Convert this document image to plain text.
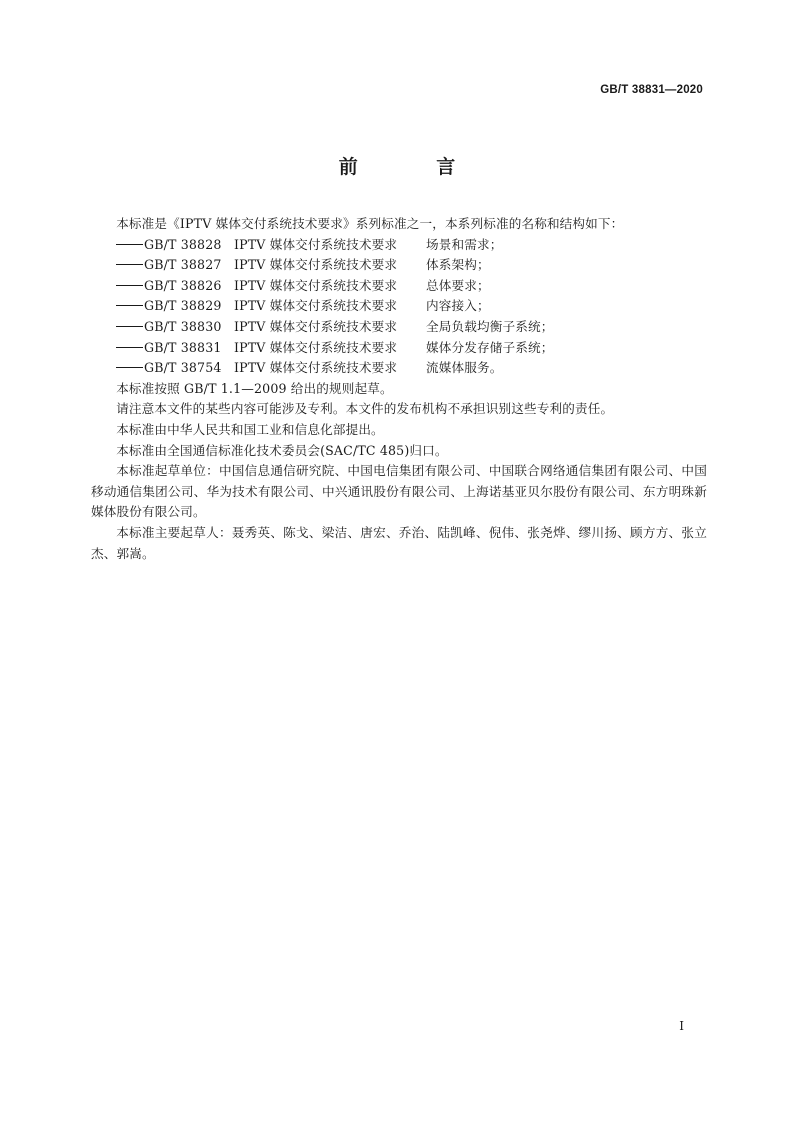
GB/T 38831—2020
前 言

本标准是《IPTV 媒体交付系统技术要求》系列标准之一，本系列标准的名称和结构如下：

GB/T 38828 IPTV 媒体交付系统技术要求 场景和需求；

GB/T 38827 IPTV 媒体交付系统技术要求 体系架构；

GB/T 38826 IPTV 媒体交付系统技术要求 总体要求；

GB/T 38829 IPTV 媒体交付系统技术要求 内容接入；

GB/T 38830 IPTV 媒体交付系统技术要求 全局负载均衡子系统；

GB/T 38831 IPTV 媒体交付系统技术要求 媒体分发存储子系统；

GB/T 38754 IPTV 媒体交付系统技术要求 流媒体服务。

本标准按照 GB/T 1.1—2009 给出的规则起草。

请注意本文件的某些内容可能涉及专利。本文件的发布机构不承担识别这些专利的责任。

本标准由中华人民共和国工业和信息化部提出。

本标准由全国通信标准化技术委员会(SAC/TC 485)归口。

本标准起草单位：中国信息通信研究院、中国电信集团有限公司、中国联合网络通信集团有限公司、中国移动通信集团公司、华为技术有限公司、中兴通讯股份有限公司、上海诺基亚贝尔股份有限公司、东方明珠新媒体股份有限公司。

本标准主要起草人：聂秀英、陈戈、梁洁、唐宏、乔治、陆凯峰、倪伟、张尧烨、缪川扬、顾方方、张立杰、郭嵩。

I
